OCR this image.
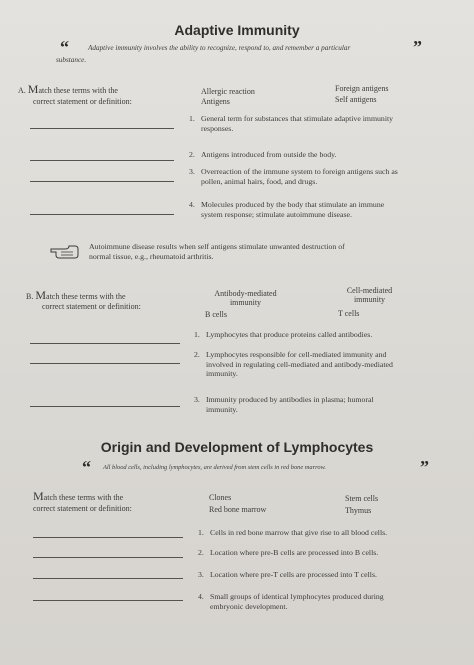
Adaptive Immunity
“	Adaptive immunity involves the ability to recognize, respond to, and remember a particular
substance.
”
A. Match these terms with the
correct statement or definition:
Allergic reaction
Antigens
Foreign antigens
Self antigens
1. General term for substances that stimulate adaptive immunity
responses.
2. Antigens introduced from outside the body.
3. Overreaction of the immune system to foreign antigens such as
pollen, animal hairs, food, and drugs.
4. Molecules produced by the body that stimulate an immune
system response; stimulate autoimmune disease.
Autoimmune disease results when self antigens stimulate unwanted destruction of
normal tissue, e.g., rheumatoid arthritis.
B. Match these terms with the
correct statement or definition:
Antibody-mediated
immunity
B cells
Cell-mediated
immunity
T cells
1. Lymphocytes that produce proteins called antibodies.
2. Lymphocytes responsible for cell-mediated immunity and
involved in regulating cell-mediated and antibody-mediated
immunity.
3. Immunity produced by antibodies in plasma; humoral
immunity.
Origin and Development of Lymphocytes
“ All blood cells, including lymphocytes, are derived from stem cells in red bone marrow.	”
Match these terms with the
correct statement or definition:
Clones
Red bone marrow
Stem cells
Thymus
1. Cells in red bone marrow that give rise to all blood cells.
2. Location where pre-B cells are processed into B cells.
3. Location where pre-T cells are processed into T cells.
4. Small groups of identical lymphocytes produced during
embryonic development.
